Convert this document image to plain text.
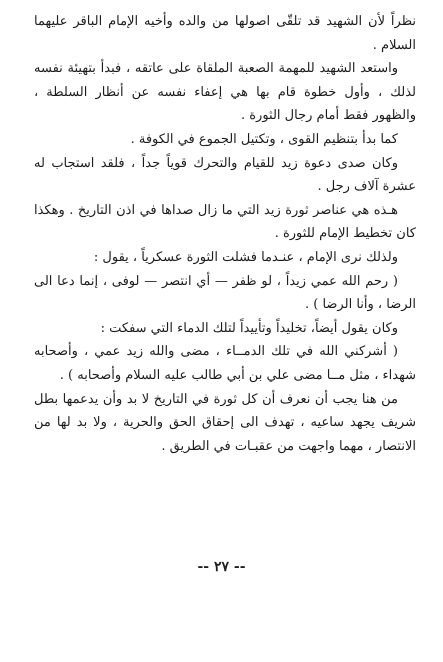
نظراً لأن الشهيد قد تلقّى اصولها من والده وأخيه الإمام الباقر عليهما السلام .

واستعد الشهيد للمهمة الصعبة الملقاة على عاتقه ، فبدأ بتهيئة نفسه لذلك ، وأول خطوة قام بها هي إعفاء نفسه عن أنظار السلطة ، والظهور فقط أمام رجال الثورة .

كما بدأ بتنظيم القوى ، وتكتيل الجموع في الكوفة .

وكان صدى دعوة زيد للقيام والتحرك قوياً جداً ، فلقد استجاب له عشرة آلاف رجل .

هـذه هي عناصر ثورة زيد التي ما زال صداها في اذن التاريخ . وهكذا كان تخطيط الإمام للثورة .

ولذلك نرى الإمام ، عنـدما فشلت الثورة عسكرياً ، يقول :

( رحم الله عمي زيداً ، لو ظفر — أي انتصر — لوفى ، إنما دعا الى الرضا ، وأنا الرضا ) .

وكان يقول أيضاً، تخليداً وتأييداً لتلك الدماء التي سفكت :

( أشركني الله في تلك الدمــاء ، مضى والله زيد عمي ، وأصحابه شهداء ، مثل مــا مضى علي بن أبي طالب عليه السلام وأصحابه ) .

من هنا يجب أن نعرف أن كل ثورة في التاريخ لا بد وأن يدعمها بطل شريف يجهد ساعيه ، تهدف الى إحقاق الحق والحرية ، ولا بد لها من الانتصار ، مهما واجهت من عقبـات في الطريق .

-- ٢٧ --
